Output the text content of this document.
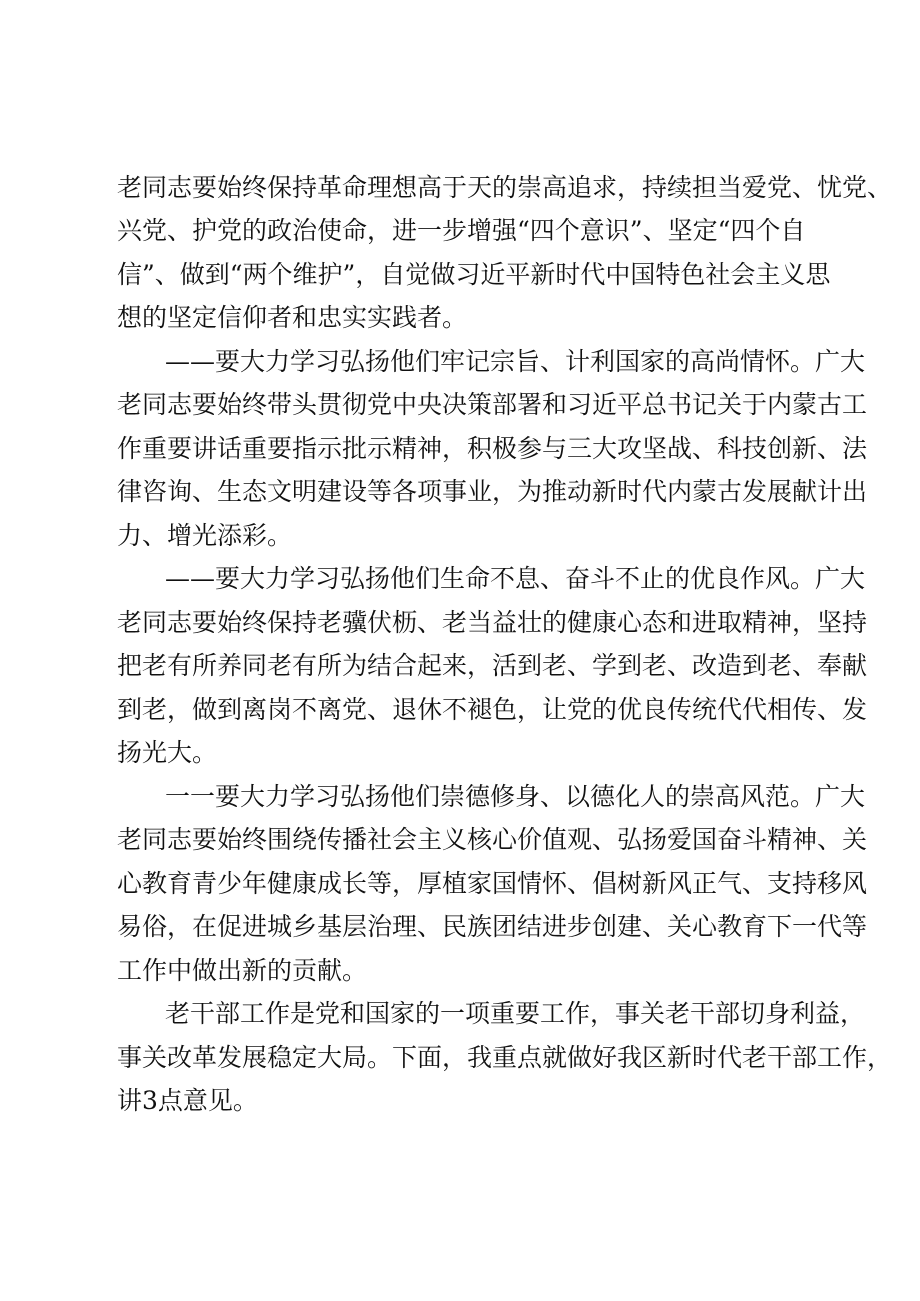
老同志要始终保持革命理想高于天的崇高追求，持续担当爱党、忧党、
兴党、护党的政治使命，进一步增强“四个意识”、坚定“四个自
信”、做到“两个维护”，自觉做习近平新时代中国特色社会主义思
想的坚定信仰者和忠实实践者。
——要大力学习弘扬他们牢记宗旨、计利国家的高尚情怀。广大
老同志要始终带头贯彻党中央决策部署和习近平总书记关于内蒙古工
作重要讲话重要指示批示精神，积极参与三大攻坚战、科技创新、法
律咨询、生态文明建设等各项事业，为推动新时代内蒙古发展献计出
力、增光添彩。
——要大力学习弘扬他们生命不息、奋斗不止的优良作风。广大
老同志要始终保持老骥伏枥、老当益壮的健康心态和进取精神，坚持
把老有所养同老有所为结合起来，活到老、学到老、改造到老、奉献
到老，做到离岗不离党、退休不褪色，让党的优良传统代代相传、发
扬光大。
一一要大力学习弘扬他们崇德修身、以德化人的崇高风范。广大
老同志要始终围绕传播社会主义核心价值观、弘扬爱国奋斗精神、关
心教育青少年健康成长等，厚植家国情怀、倡树新风正气、支持移风
易俗，在促进城乡基层治理、民族团结进步创建、关心教育下一代等
工作中做出新的贡献。
老干部工作是党和国家的一项重要工作，事关老干部切身利益，
事关改革发展稳定大局。下面，我重点就做好我区新时代老干部工作，
讲3点意见。
